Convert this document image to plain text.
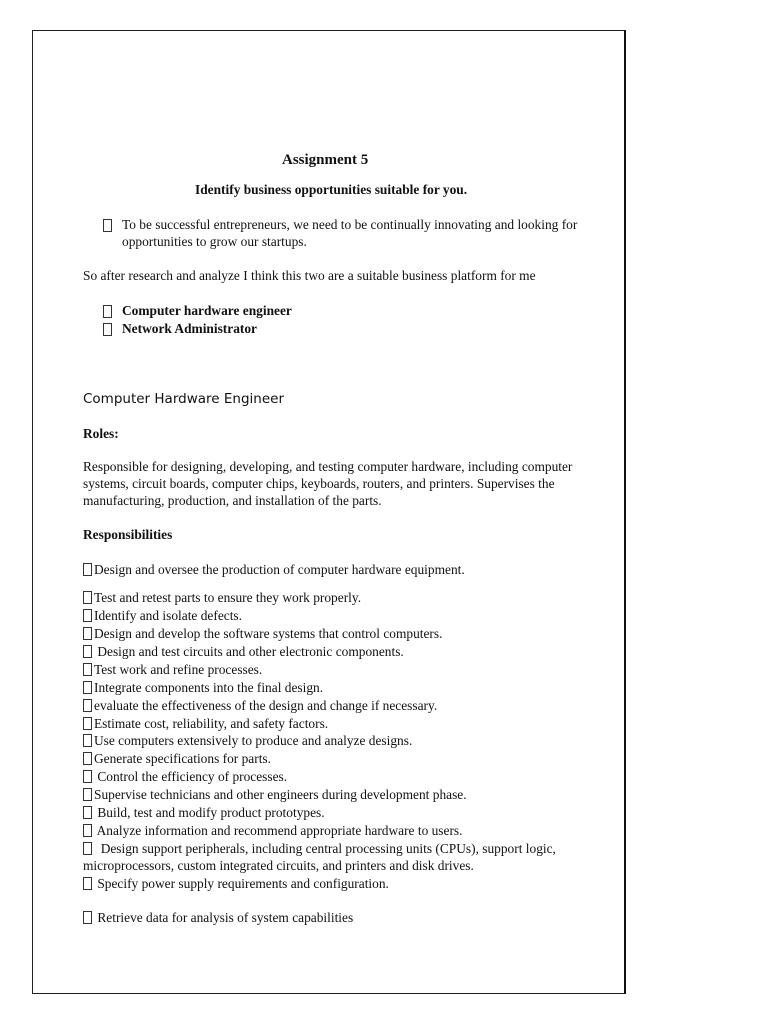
Assignment 5
Identify business opportunities suitable for you.
To be successful entrepreneurs, we need to be continually innovating and looking for
opportunities to grow our startups.
So after research and analyze I think this two are a suitable business platform for me
Computer hardware engineer
Network Administrator
Computer Hardware Engineer
Roles:
Responsible for designing, developing, and testing computer hardware, including computer
systems, circuit boards, computer chips, keyboards, routers, and printers. Supervises the
manufacturing, production, and installation of the parts.
Responsibilities
Design and oversee the production of computer hardware equipment.
Test and retest parts to ensure they work properly.
Identify and isolate defects.
Design and develop the software systems that control computers.
Design and test circuits and other electronic components.
Test work and refine processes.
Integrate components into the final design.
evaluate the effectiveness of the design and change if necessary.
Estimate cost, reliability, and safety factors.
Use computers extensively to produce and analyze designs.
Generate specifications for parts.
Control the efficiency of processes.
Supervise technicians and other engineers during development phase.
Build, test and modify product prototypes.
Analyze information and recommend appropriate hardware to users.
Design support peripherals, including central processing units (CPUs), support logic,
microprocessors, custom integrated circuits, and printers and disk drives.
Specify power supply requirements and configuration.
Retrieve data for analysis of system capabilities
